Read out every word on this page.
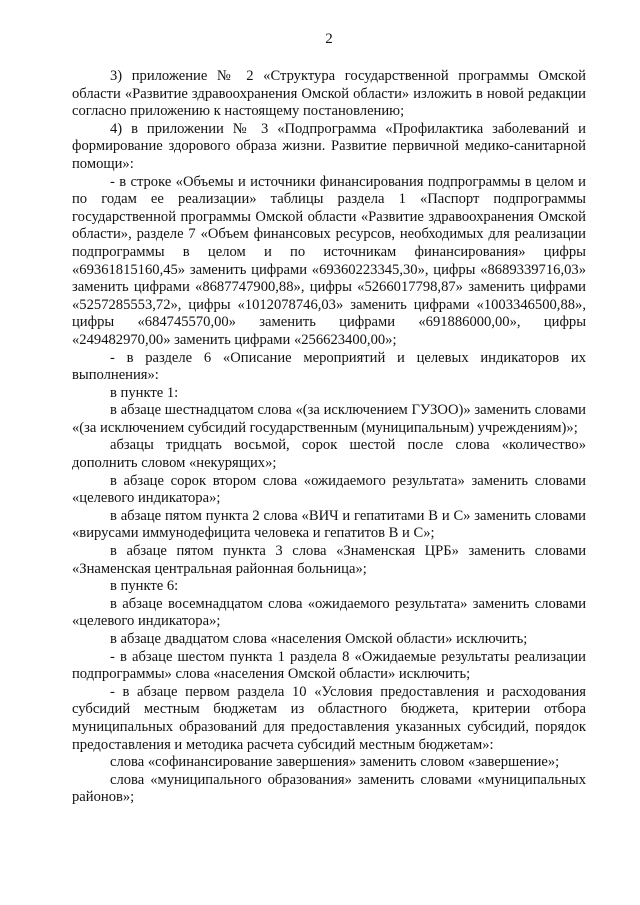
2

3) приложение № 2 «Структура государственной программы Омской области «Развитие здравоохранения Омской области» изложить в новой редакции согласно приложению к настоящему постановлению;

4) в приложении № 3 «Подпрограмма «Профилактика заболеваний и формирование здорового образа жизни. Развитие первичной медико-санитарной помощи»:

- в строке «Объемы и источники финансирования подпрограммы в целом и по годам ее реализации» таблицы раздела 1 «Паспорт подпрограммы государственной программы Омской области «Развитие здравоохранения Омской области», разделе 7 «Объем финансовых ресурсов, необходимых для реализации подпрограммы в целом и по источникам финансирования» цифры «69361815160,45» заменить цифрами «69360223345,30», цифры «8689339716,03» заменить цифрами «8687747900,88», цифры «5266017798,87» заменить цифрами «5257285553,72», цифры «1012078746,03» заменить цифрами «1003346500,88», цифры «684745570,00» заменить цифрами «691886000,00», цифры «249482970,00» заменить цифрами «256623400,00»;

- в разделе 6 «Описание мероприятий и целевых индикаторов их выполнения»:

в пункте 1:

в абзаце шестнадцатом слова «(за исключением ГУЗОО)» заменить словами «(за исключением субсидий государственным (муниципальным) учреждениям)»;

абзацы тридцать восьмой, сорок шестой после слова «количество» дополнить словом «некурящих»;

в абзаце сорок втором слова «ожидаемого результата» заменить словами «целевого индикатора»;

в абзаце пятом пункта 2 слова «ВИЧ и гепатитами В и С» заменить словами «вирусами иммунодефицита человека и гепатитов В и С»;

в абзаце пятом пункта 3 слова «Знаменская ЦРБ» заменить словами «Знаменская центральная районная больница»;

в пункте 6:

в абзаце восемнадцатом слова «ожидаемого результата» заменить словами «целевого индикатора»;

в абзаце двадцатом слова «населения Омской области» исключить;

- в абзаце шестом пункта 1 раздела 8 «Ожидаемые результаты реализации подпрограммы» слова «населения Омской области» исключить;

- в абзаце первом раздела 10 «Условия предоставления и расходования субсидий местным бюджетам из областного бюджета, критерии отбора муниципальных образований для предоставления указанных субсидий, порядок предоставления и методика расчета субсидий местным бюджетам»:

слова «софинансирование завершения» заменить словом «завершение»;

слова «муниципального образования» заменить словами «муниципальных районов»;
